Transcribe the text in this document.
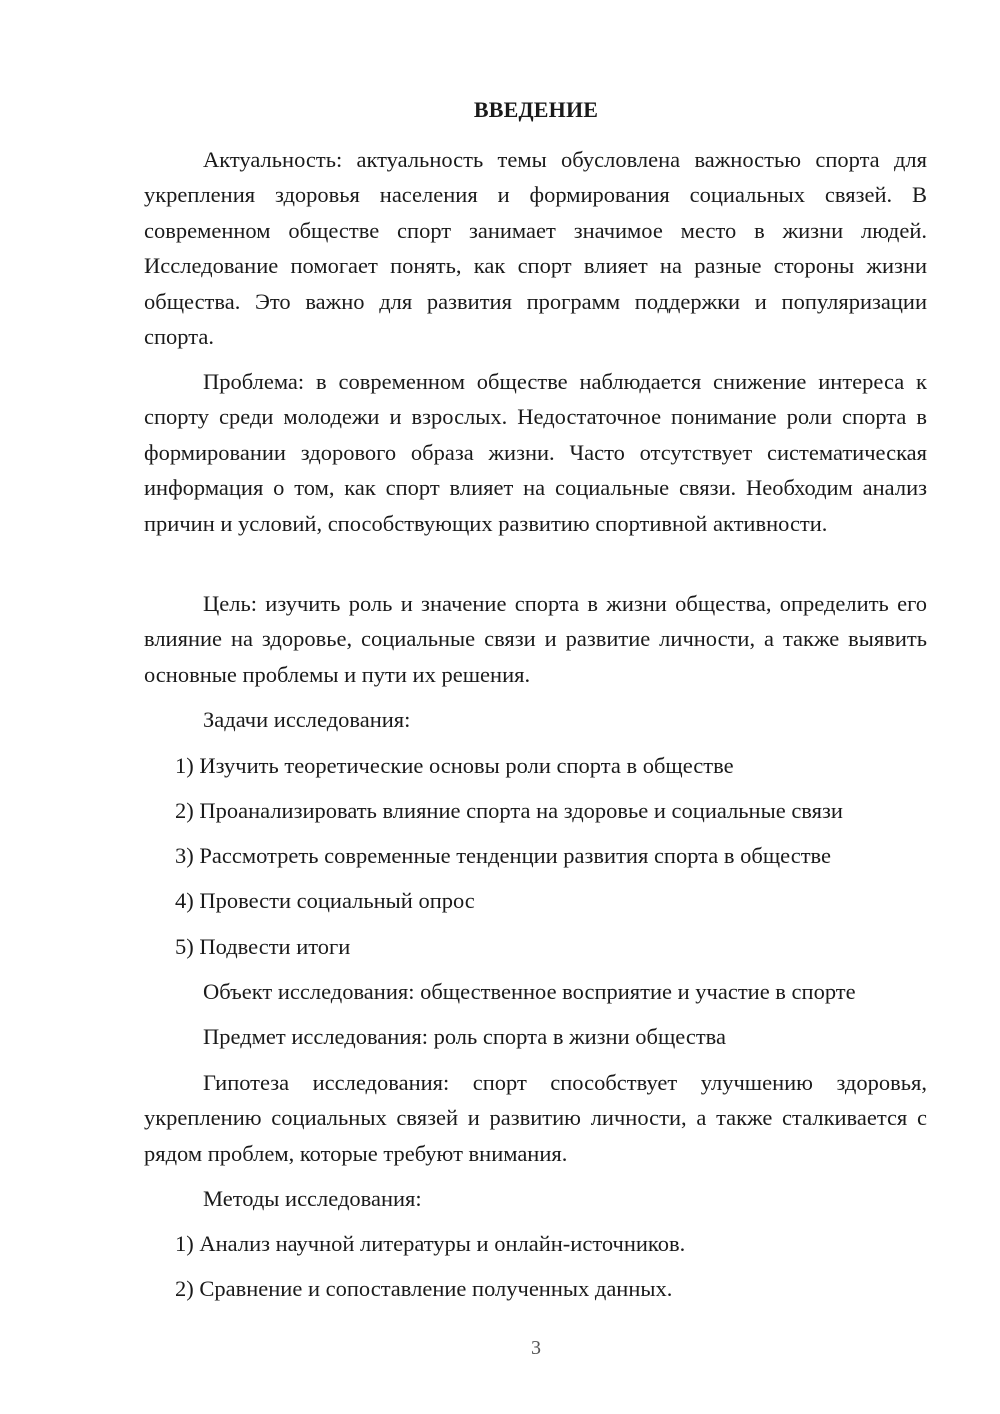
ВВЕДЕНИЕ

Актуальность: актуальность темы обусловлена важностью спорта для укрепления здоровья населения и формирования социальных связей. В современном обществе спорт занимает значимое место в жизни людей. Исследование помогает понять, как спорт влияет на разные стороны жизни общества. Это важно для развития программ поддержки и популяризации спорта.

Проблема: в современном обществе наблюдается снижение интереса к спорту среди молодежи и взрослых. Недостаточное понимание роли спорта в формировании здорового образа жизни. Часто отсутствует систематическая информация о том, как спорт влияет на социальные связи. Необходим анализ причин и условий, способствующих развитию спортивной активности.

Цель: изучить роль и значение спорта в жизни общества, определить его влияние на здоровье, социальные связи и развитие личности, а также выявить основные проблемы и пути их решения.

Задачи исследования:

1) Изучить теоретические основы роли спорта в обществе

2) Проанализировать влияние спорта на здоровье и социальные связи

3) Рассмотреть современные тенденции развития спорта в обществе

4) Провести социальный опрос

5) Подвести итоги

Объект исследования: общественное восприятие и участие в спорте

Предмет исследования: роль спорта в жизни общества

Гипотеза исследования: спорт способствует улучшению здоровья, укреплению социальных связей и развитию личности, а также сталкивается с рядом проблем, которые требуют внимания.

Методы исследования:

1) Анализ научной литературы и онлайн-источников.

2) Сравнение и сопоставление полученных данных.

3
